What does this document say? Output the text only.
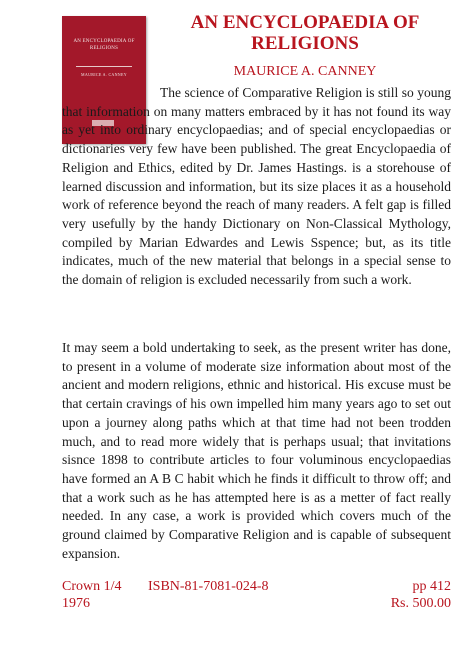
AN ENCYCLOPAEDIA OF
RELIGIONS
MAURICE A. CANNEY
AN ENCYCLOPAEDIA OF RELIGIONS
MAURICE A. CANNEY

The science of Comparative Religion is still so young that information on many matters embraced by it has not found its way as yet into ordinary encyclopaedias; and of special encyclopaedias or dictionaries very few have been published. The great Encyclopaedia of Religion and Ethics, edited by Dr. James Hastings. is a storehouse of learned discussion and information, but its size places it as a household work of reference beyond the reach of many readers. A felt gap is filled very usefully by the handy Dictionary on Non-Classical Mythology, compiled by Marian Edwardes and Lewis Sspence; but, as its title indicates, much of the new material that belongs in a special sense to the domain of religion is excluded necessarily from such a work.

It may seem a bold undertaking to seek, as the present writer has done, to present in a volume of moderate size information about most of the ancient and modern religions, ethnic and historical. His excuse must be that certain cravings of his own impelled him many years ago to set out upon a journey along paths which at that time had not been trodden much, and to read more widely that is perhaps usual; that invitations sisnce 1898 to contribute articles to four voluminous encyclopaedias have formed an A B C habit which he finds it difficult to throw off; and that a work such as he has attempted here is as a metter of fact really needed. In any case, a work is provided which covers much of the ground claimed by Comparative Religion and is capable of subsequent expansion.

Crown 1/4 ISBN-81-7081-024-8	pp 412
1976	Rs. 500.00
